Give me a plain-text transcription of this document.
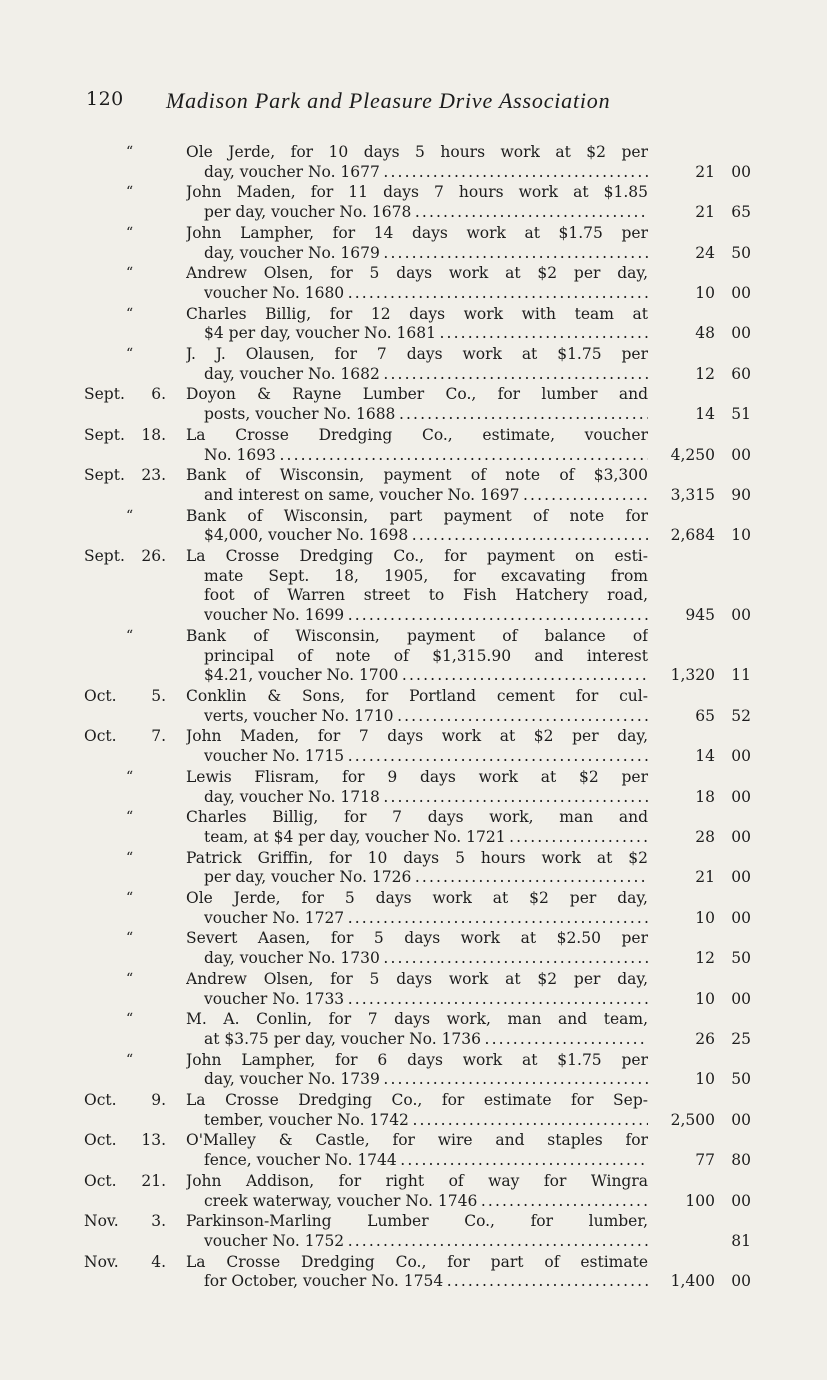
120 Madison Park and Pleasure Drive Association
“	Ole Jerde, for 10 days 5 hours work at $2 per
day, voucher No. 1677 . . .	21 00
“	John Maden, for 11 days 7 hours work at $1.85
per day, voucher No. 1678 . . .	21 65
“	John Lampher, for 14 days work at $1.75 per
day, voucher No. 1679 . . .	24 50
“	Andrew Olsen, for 5 days work at $2 per day,
voucher No. 1680 . . .	10 00
“	Charles Billig, for 12 days work with team at
$4 per day, voucher No. 1681 . . .	48 00
“	J. J. Olausen, for 7 days work at $1.75 per
day, voucher No. 1682 . . .	12 60
Sept. 6. Doyon & Rayne Lumber Co., for lumber and
posts, voucher No. 1688 . . .	14 51
Sept. 18. La Crosse Dredging Co., estimate, voucher
No. 1693 . . .	4,250 00
Sept. 23. Bank of Wisconsin, payment of note of $3,300
and interest on same, voucher No. 1697 . . .	3,315 90
“	Bank of Wisconsin, part payment of note for
$4,000, voucher No. 1698 . . .	2,684 10
Sept. 26. La Crosse Dredging Co., for payment on esti-
mate Sept. 18, 1905, for excavating from
foot of Warren street to Fish Hatchery road,
voucher No. 1699 . . .	945 00
“	Bank of Wisconsin, payment of balance of
principal of note of $1,315.90 and interest
$4.21, voucher No. 1700 . . .	1,320 11
Oct. 5. Conklin & Sons, for Portland cement for cul-
verts, voucher No. 1710 . . .	65 52
Oct. 7. John Maden, for 7 days work at $2 per day,
voucher No. 1715 . . .	14 00
“	Lewis Flisram, for 9 days work at $2 per
day, voucher No. 1718 . . .	18 00
“	Charles Billig, for 7 days work, man and
team, at $4 per day, voucher No. 1721 . . .	28 00
“	Patrick Griffin, for 10 days 5 hours work at $2
per day, voucher No. 1726 . . .	21 00
“	Ole Jerde, for 5 days work at $2 per day,
voucher No. 1727 . . .	10 00
“	Severt Aasen, for 5 days work at $2.50 per
day, voucher No. 1730 . . .	12 50
“	Andrew Olsen, for 5 days work at $2 per day,
voucher No. 1733 . . .	10 00
“	M. A. Conlin, for 7 days work, man and team,
at $3.75 per day, voucher No. 1736 . . .	26 25
“	John Lampher, for 6 days work at $1.75 per
day, voucher No. 1739 . . .	10 50
Oct. 9. La Crosse Dredging Co., for estimate for Sep-
tember, voucher No. 1742 . . .	2,500 00
Oct. 13. O'Malley & Castle, for wire and staples for
fence, voucher No. 1744 . . .	77 80
Oct. 21. John Addison, for right of way for Wingra
creek waterway, voucher No. 1746 . . .	100 00
Nov. 3. Parkinson-Marling Lumber Co., for lumber,
voucher No. 1752 . . .	81
Nov. 4. La Crosse Dredging Co., for part of estimate
for October, voucher No. 1754 . . .	1,400 00
